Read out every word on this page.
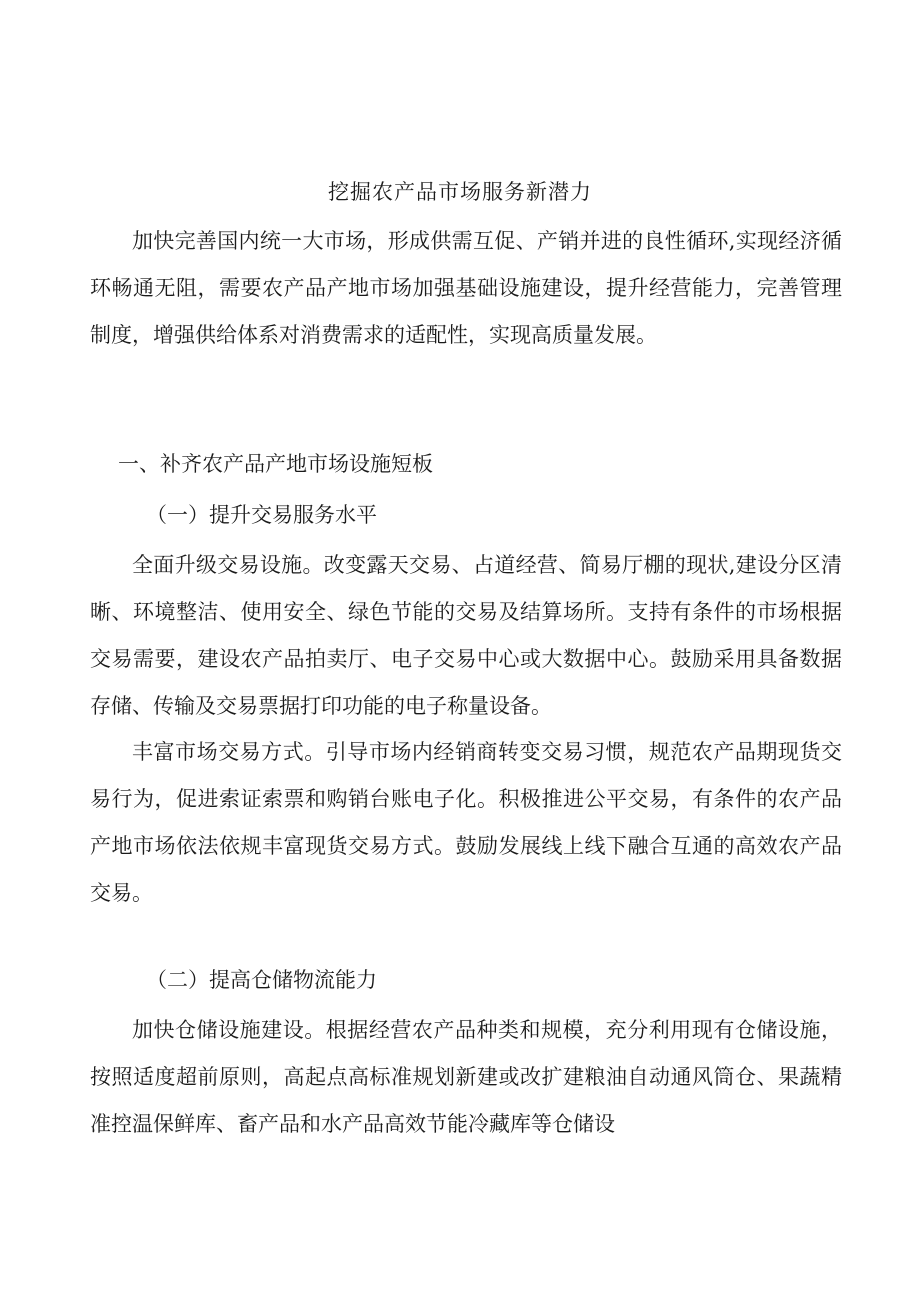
挖掘农产品市场服务新潜力

加快完善国内统一大市场，形成供需互促、产销并进的良性循环,实现经济循环畅通无阻，需要农产品产地市场加强基础设施建设，提升经营能力，完善管理制度，增强供给体系对消费需求的适配性，实现高质量发展。

一、补齐农产品产地市场设施短板

（一）提升交易服务水平

全面升级交易设施。改变露天交易、占道经营、简易厅棚的现状,建设分区清晰、环境整洁、使用安全、绿色节能的交易及结算场所。支持有条件的市场根据交易需要，建设农产品拍卖厅、电子交易中心或大数据中心。鼓励采用具备数据存储、传输及交易票据打印功能的电子称量设备。

丰富市场交易方式。引导市场内经销商转变交易习惯，规范农产品期现货交易行为，促进索证索票和购销台账电子化。积极推进公平交易，有条件的农产品产地市场依法依规丰富现货交易方式。鼓励发展线上线下融合互通的高效农产品交易。

（二）提高仓储物流能力

加快仓储设施建设。根据经营农产品种类和规模，充分利用现有仓储设施，按照适度超前原则，高起点高标准规划新建或改扩建粮油自动通风筒仓、果蔬精准控温保鲜库、畜产品和水产品高效节能冷藏库等仓储设
